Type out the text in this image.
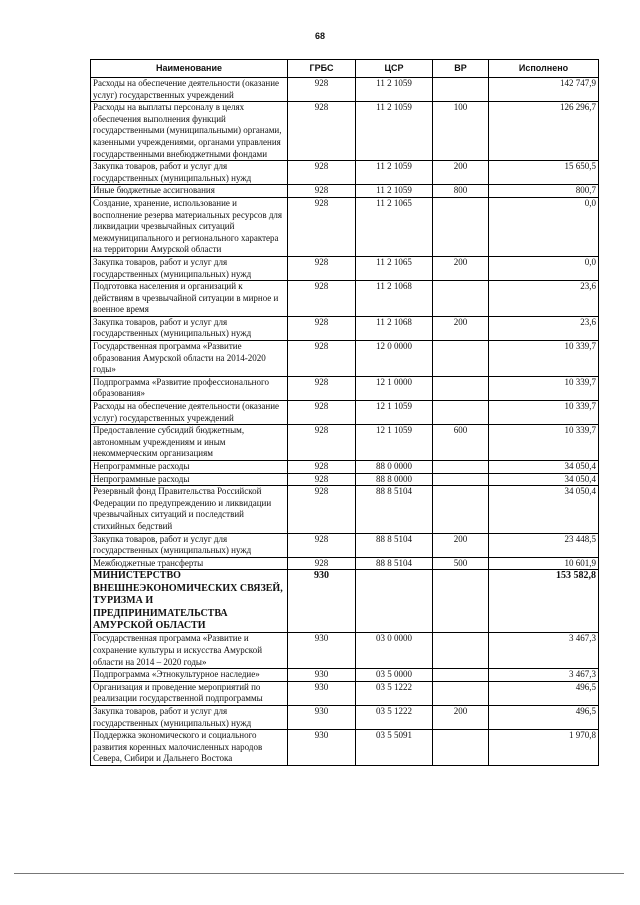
68
Наименование	ГРБС	ЦСР	ВР	Исполнено
Расходы на обеспечение деятельности (оказание услуг) государственных учреждений	928	11 2 1059		142 747,9
Расходы на выплаты персоналу в целях обеспечения выполнения функций государственными (муниципальными) органами, казенными учреждениями, органами управления государственными внебюджетными фондами	928	11 2 1059	100	126 296,7
Закупка товаров, работ и услуг для государственных (муниципальных) нужд	928	11 2 1059	200	15 650,5
Иные бюджетные ассигнования	928	11 2 1059	800	800,7
Создание, хранение, использование и восполнение резерва материальных ресурсов для ликвидации чрезвычайных ситуаций межмуниципального и регионального характера на территории Амурской области	928	11 2 1065		0,0
Закупка товаров, работ и услуг для государственных (муниципальных) нужд	928	11 2 1065	200	0,0
Подготовка населения и организаций к действиям в чрезвычайной ситуации в мирное и военное время	928	11 2 1068		23,6
Закупка товаров, работ и услуг для государственных (муниципальных) нужд	928	11 2 1068	200	23,6
Государственная программа «Развитие образования Амурской области на 2014-2020 годы»	928	12 0 0000		10 339,7
Подпрограмма «Развитие профессионального образования»	928	12 1 0000		10 339,7
Расходы на обеспечение деятельности (оказание услуг) государственных учреждений	928	12 1 1059		10 339,7
Предоставление субсидий бюджетным, автономным учреждениям и иным некоммерческим организациям	928	12 1 1059	600	10 339,7
Непрограммные расходы	928	88 0 0000		34 050,4
Непрограммные расходы	928	88 8 0000		34 050,4
Резервный фонд Правительства Российской Федерации по предупреждению и ликвидации чрезвычайных ситуаций и последствий стихийных бедствий	928	88 8 5104		34 050,4
Закупка товаров, работ и услуг для государственных (муниципальных) нужд	928	88 8 5104	200	23 448,5
Межбюджетные трансферты	928	88 8 5104	500	10 601,9
МИНИСТЕРСТВО ВНЕШНЕЭКОНОМИЧЕСКИХ СВЯЗЕЙ, ТУРИЗМА И ПРЕДПРИНИМАТЕЛЬСТВА АМУРСКОЙ ОБЛАСТИ	930			153 582,8
Государственная программа «Развитие и сохранение культуры и искусства Амурской области на 2014 – 2020 годы»	930	03 0 0000		3 467,3
Подпрограмма «Этнокультурное наследие»	930	03 5 0000		3 467,3
Организация и проведение мероприятий по реализации государственной подпрограммы	930	03 5 1222		496,5
Закупка товаров, работ и услуг для государственных (муниципальных) нужд	930	03 5 1222	200	496,5
Поддержка экономического и социального развития коренных малочисленных народов Севера, Сибири и Дальнего Востока	930	03 5 5091		1 970,8
